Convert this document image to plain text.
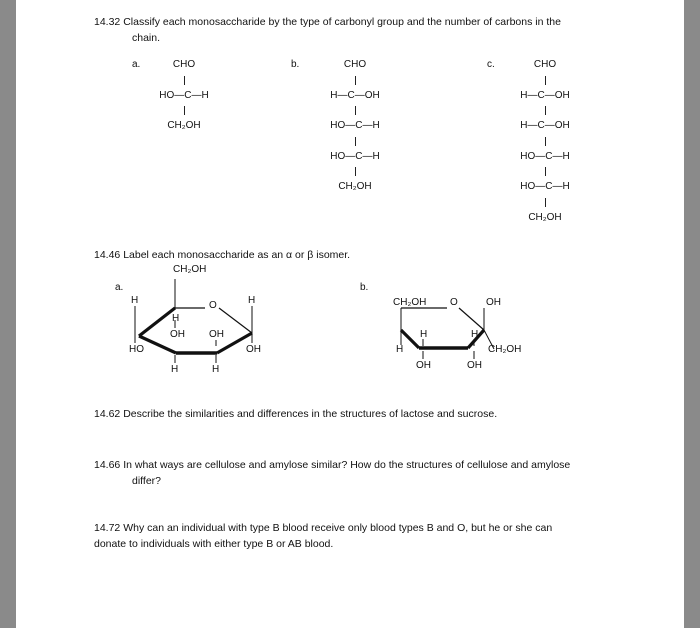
14.32 Classify each monosaccharide by the type of carbonyl group and the number of carbons in the
chain.
a.	CHO
HO—C—H
CH₂OH
b.	CHO
H—C—OH
HO—C—H
HO—C—H
CH₂OH
c.	CHO
H—C—OH
H—C—OH
HO—C—H
HO—C—H
CH₂OH
14.46 Label each monosaccharide as an α or β isomer.
a.
CH₂OH
O	H
OH
H
OH
H
OH
H
H
HO
b.
CH₂OH O	OH
H
H	H
CH₂OH
OH	OH
14.62 Describe the similarities and differences in the structures of lactose and sucrose.
14.66 In what ways are cellulose and amylose similar? How do the structures of cellulose and amylose
differ?
14.72 Why can an individual with type B blood receive only blood types B and O, but he or she can
donate to individuals with either type B or AB blood.
